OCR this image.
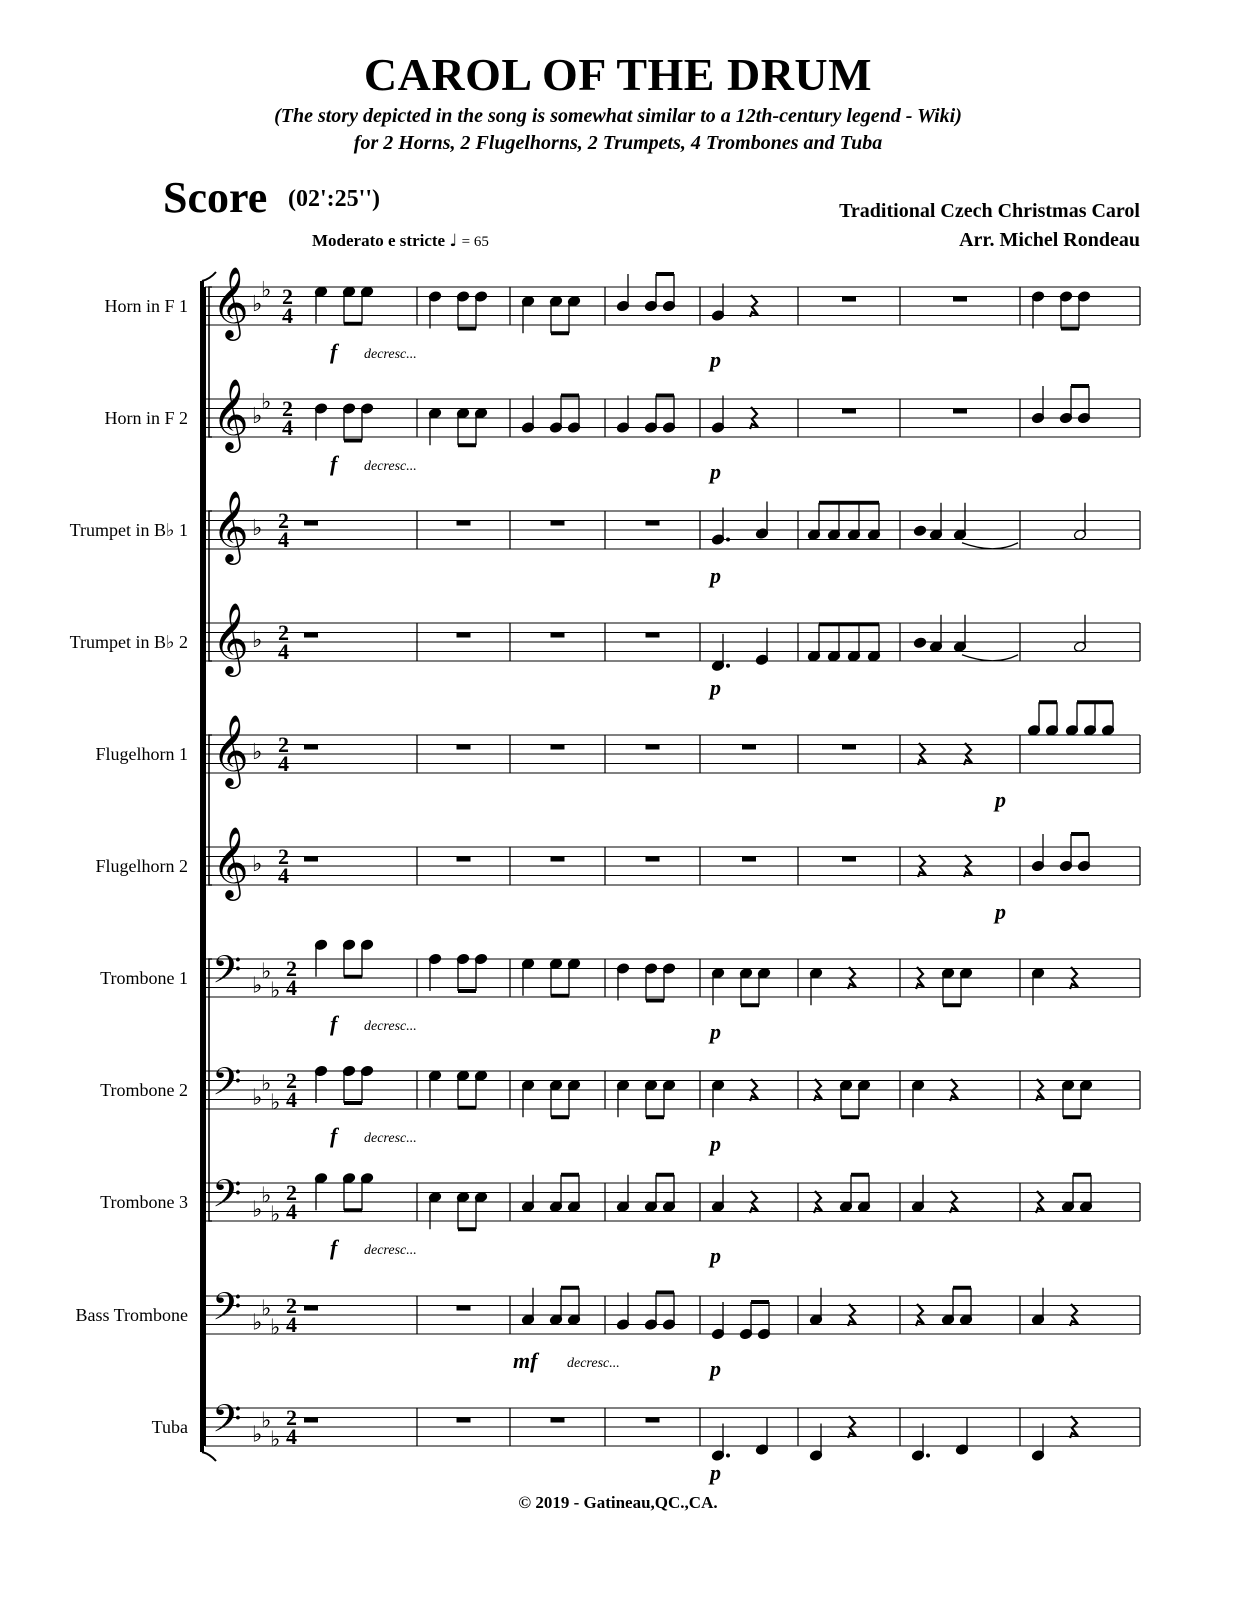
CAROL OF THE DRUM
(The story depicted in the song is somewhat similar to a 12th-century legend - Wiki)
for 2 Horns, 2 Flugelhorns, 2 Trumpets, 4 Trombones and Tuba
Score (02':25'')	Traditional Czech Christmas Carol
Arr. Michel Rondeau
Moderato e stricte ♩ = 65
Horn in F 1 𝄞
f decresc...	p
Horn in F 2 𝄞
f decresc...	p
Trumpet in B♭ 1 𝄞
p
Trumpet in B♭ 2 𝄞
p
Flugelhorn 1 𝄞
p
Flugelhorn 2 𝄞
p
Trombone 1 𝄢
f decresc...	p
Trombone 2 𝄢
f decresc...	p
Trombone 3 𝄢
f decresc...	p
Bass Trombone 𝄢
mf decresc...	p
Tuba 𝄢
p
♭
♭ 2
4
♭
♭ 2
4
♭ 2
4
♭ 2
4
♭ 2
4
♭ 2
4
♭
♭
♭
2
4
♭
♭
♭
2
4
♭
♭
♭
2
4
♭
♭
♭
2
4
♭
♭
♭
2
4
© 2019 - Gatineau,QC.,CA.
